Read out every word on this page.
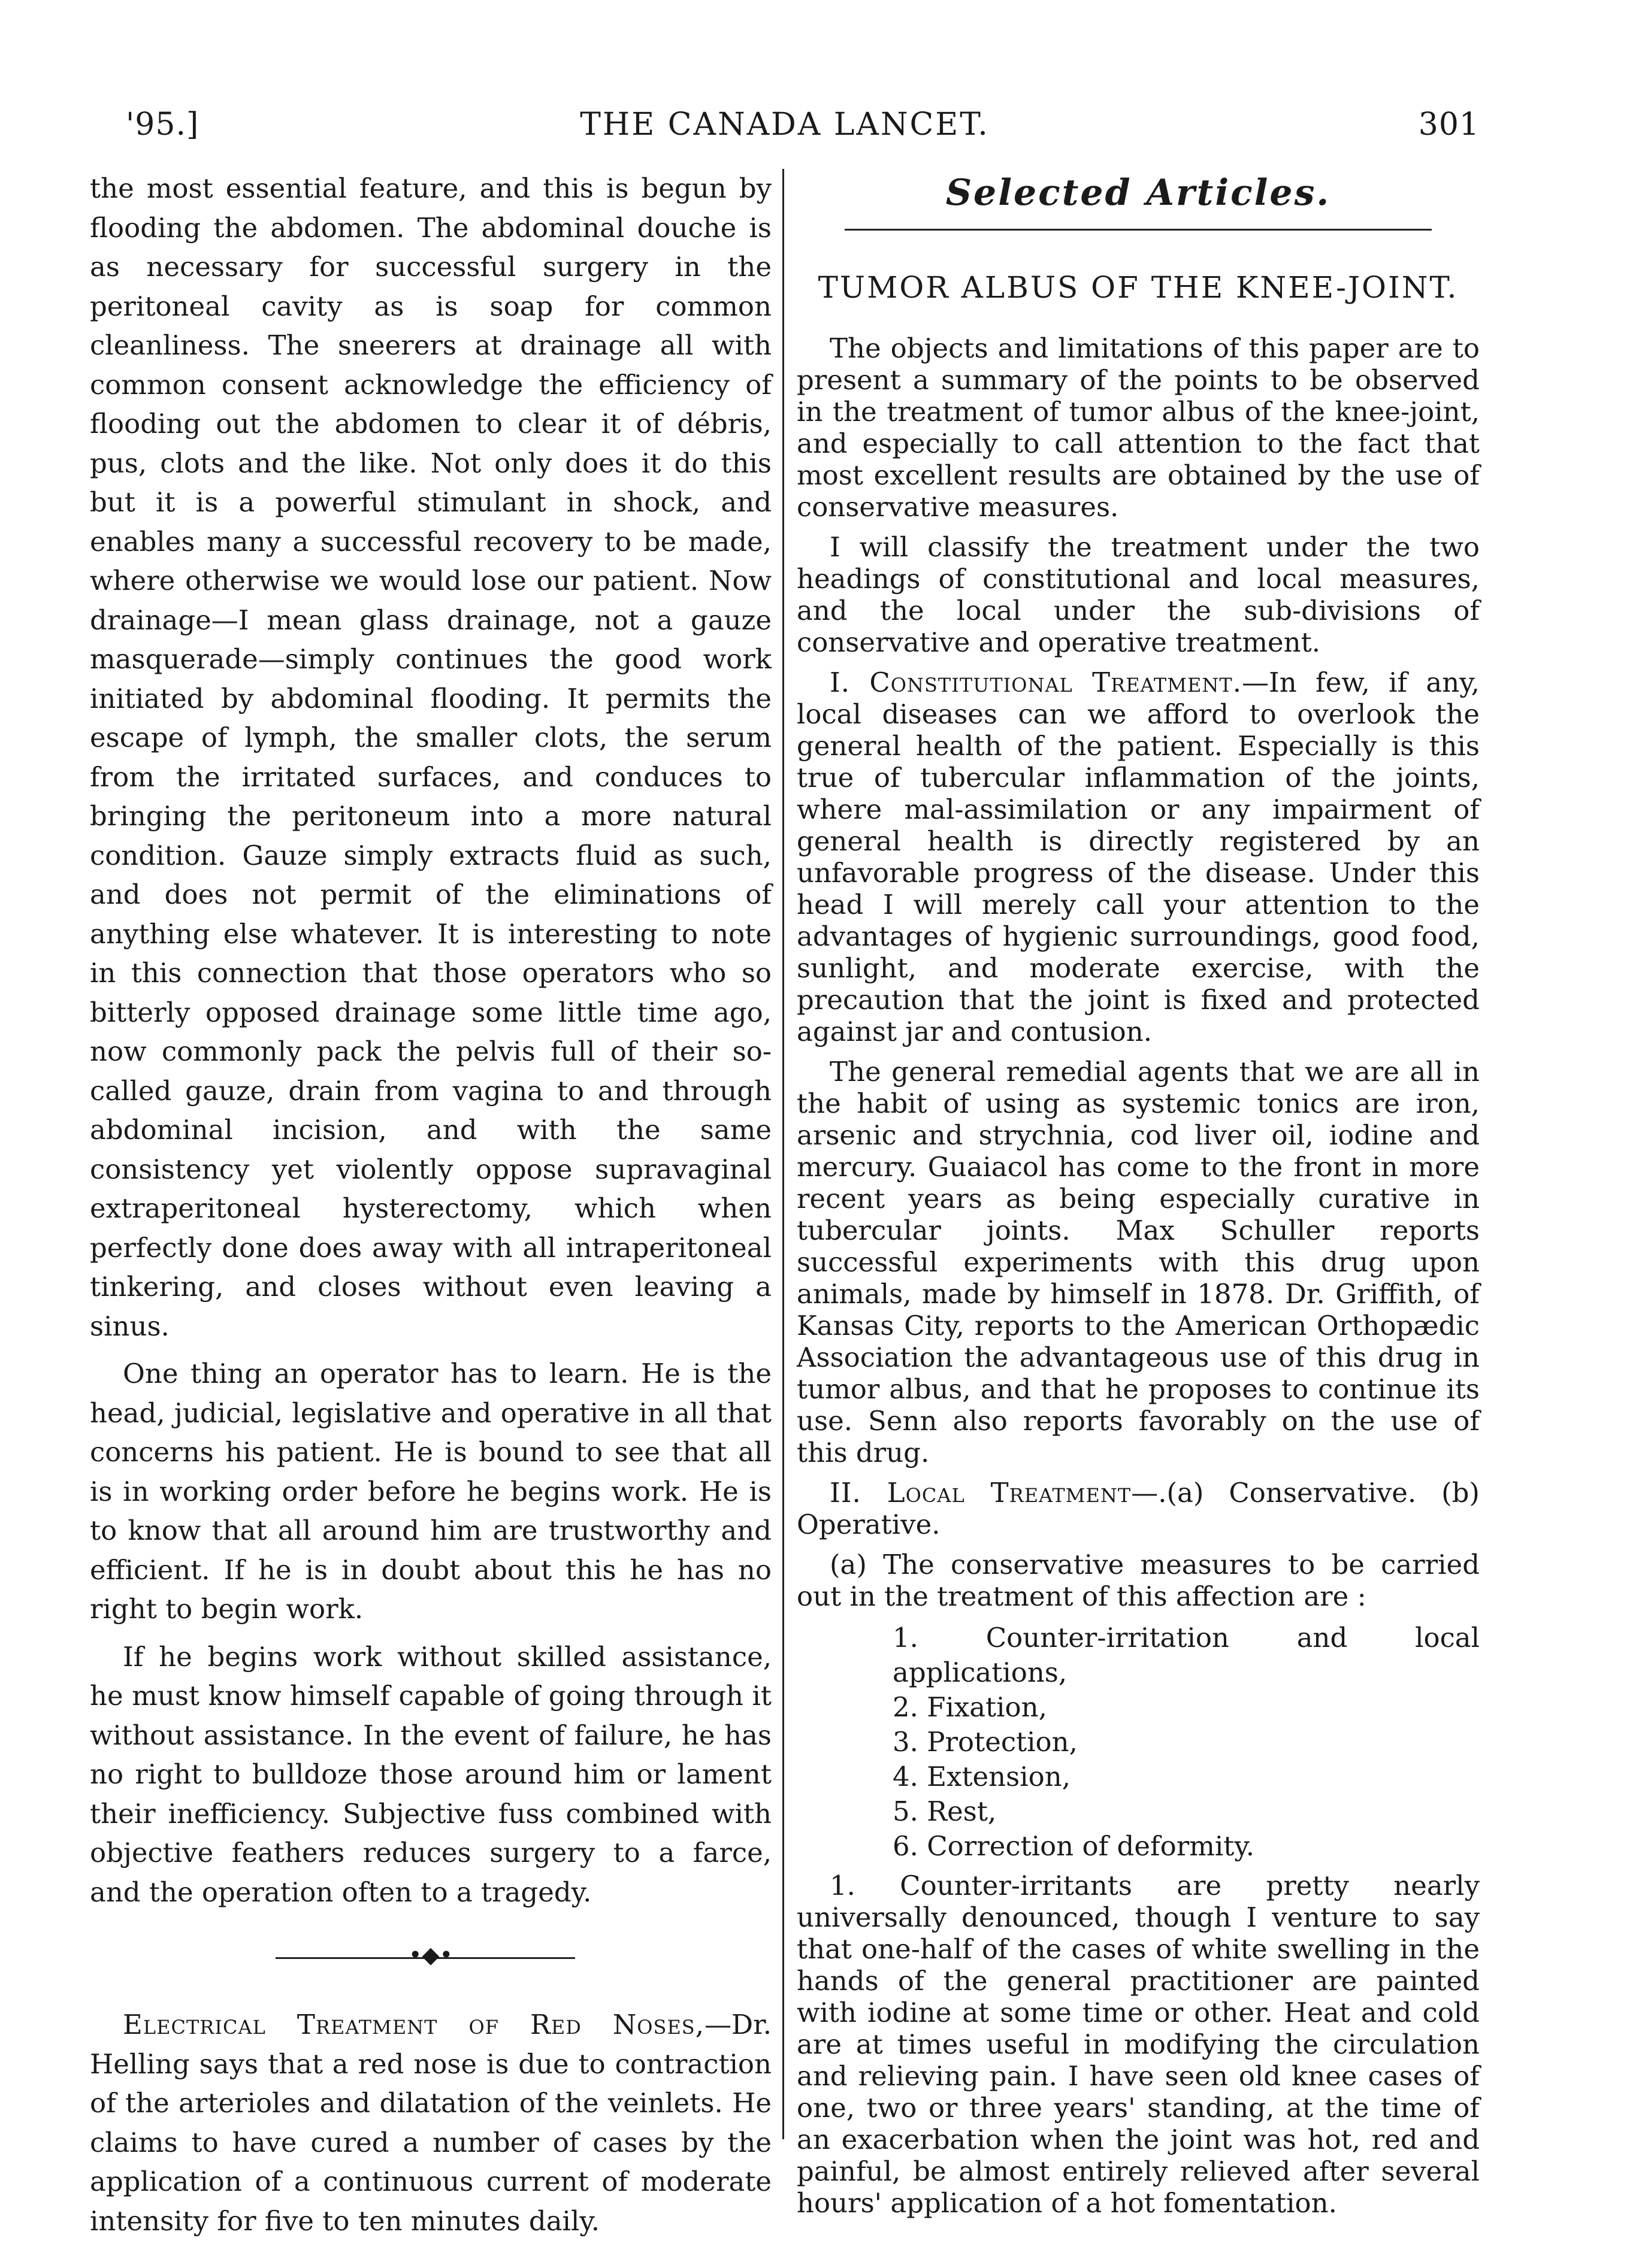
'95.]	THE CANADA LANCET.	301

the most essential feature, and this is begun by flooding the abdomen. The abdominal douche is as necessary for successful surgery in the peritoneal cavity as is soap for common cleanliness. The sneerers at drainage all with common consent acknowledge the efficiency of flooding out the abdomen to clear it of débris, pus, clots and the like. Not only does it do this but it is a powerful stimulant in shock, and enables many a successful recovery to be made, where otherwise we would lose our patient. Now drainage—I mean glass drainage, not a gauze masquerade—simply continues the good work initiated by abdominal flooding. It permits the escape of lymph, the smaller clots, the serum from the irritated surfaces, and conduces to bringing the peritoneum into a more natural condition. Gauze simply extracts fluid as such, and does not permit of the eliminations of anything else whatever. It is interesting to note in this connection that those operators who so bitterly opposed drainage some little time ago, now commonly pack the pelvis full of their so-called gauze, drain from vagina to and through abdominal incision, and with the same consistency yet violently oppose supravaginal extraperitoneal hysterectomy, which when perfectly done does away with all intraperitoneal tinkering, and closes without even leaving a sinus.

One thing an operator has to learn. He is the head, judicial, legislative and operative in all that concerns his patient. He is bound to see that all is in working order before he begins work. He is to know that all around him are trustworthy and efficient. If he is in doubt about this he has no right to begin work.

If he begins work without skilled assistance, he must know himself capable of going through it without assistance. In the event of failure, he has no right to bulldoze those around him or lament their inefficiency. Subjective fuss combined with objective feathers reduces surgery to a farce, and the operation often to a tragedy.

•◆•

Electrical Treatment of Red Noses,—Dr. Helling says that a red nose is due to contraction of the arterioles and dilatation of the veinlets. He claims to have cured a number of cases by the application of a continuous current of moderate intensity for five to ten minutes daily.

Selected Articles.
TUMOR ALBUS OF THE KNEE-JOINT.

The objects and limitations of this paper are to present a summary of the points to be observed in the treatment of tumor albus of the knee-joint, and especially to call attention to the fact that most excellent results are obtained by the use of conservative measures.

I will classify the treatment under the two headings of constitutional and local measures, and the local under the sub-divisions of conservative and operative treatment.

I. Constitutional Treatment.—In few, if any, local diseases can we afford to overlook the general health of the patient. Especially is this true of tubercular inflammation of the joints, where mal-assimilation or any impairment of general health is directly registered by an unfavorable progress of the disease. Under this head I will merely call your attention to the advantages of hygienic surroundings, good food, sunlight, and moderate exercise, with the precaution that the joint is fixed and protected against jar and contusion.

The general remedial agents that we are all in the habit of using as systemic tonics are iron, arsenic and strychnia, cod liver oil, iodine and mercury. Guaiacol has come to the front in more recent years as being especially curative in tubercular joints. Max Schuller reports successful experiments with this drug upon animals, made by himself in 1878. Dr. Griffith, of Kansas City, reports to the American Orthopædic Association the advantageous use of this drug in tumor albus, and that he proposes to continue its use. Senn also reports favorably on the use of this drug.

II. Local Treatment—.(a) Conservative. (b) Operative.

(a) The conservative measures to be carried out in the treatment of this affection are :

1. Counter-irritation and local applications,
2. Fixation,
3. Protection,
4. Extension,
5. Rest,
6. Correction of deformity.

1. Counter-irritants are pretty nearly universally denounced, though I venture to say that one-half of the cases of white swelling in the hands of the general practitioner are painted with iodine at some time or other. Heat and cold are at times useful in modifying the circulation and relieving pain. I have seen old knee cases of one, two or three years' standing, at the time of an exacerbation when the joint was hot, red and painful, be almost entirely relieved after several hours' application of a hot fomentation.
